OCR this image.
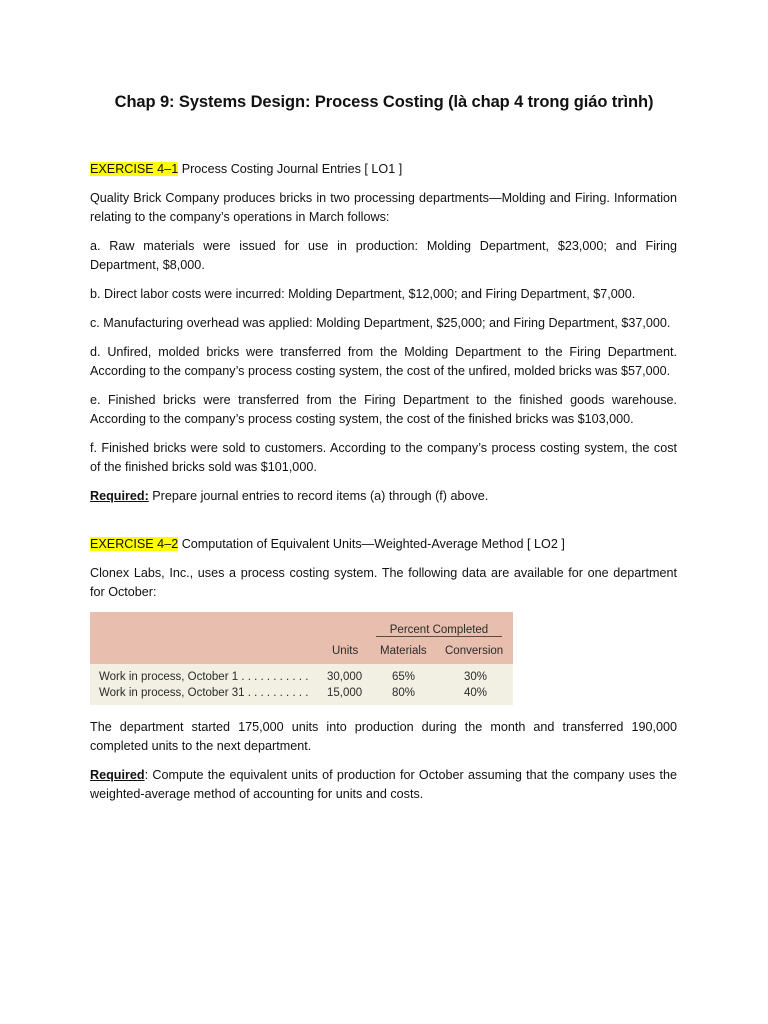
Chap 9: Systems Design: Process Costing (là chap 4 trong giáo trình)

EXERCISE 4–1 Process Costing Journal Entries [ LO1 ]

Quality Brick Company produces bricks in two processing departments—Molding and Firing. Information relating to the company’s operations in March follows:

a. Raw materials were issued for use in production: Molding Department, $23,000; and Firing Department, $8,000.

b. Direct labor costs were incurred: Molding Department, $12,000; and Firing Department, $7,000.

c. Manufacturing overhead was applied: Molding Department, $25,000; and Firing Department, $37,000.

d. Unfired, molded bricks were transferred from the Molding Department to the Firing Department. According to the company’s process costing system, the cost of the unfired, molded bricks was $57,000.

e. Finished bricks were transferred from the Firing Department to the finished goods warehouse. According to the company’s process costing system, the cost of the finished bricks was $103,000.

f. Finished bricks were sold to customers. According to the company’s process costing system, the cost of the finished bricks sold was $101,000.

Required: Prepare journal entries to record items (a) through (f) above.

EXERCISE 4–2 Computation of Equivalent Units—Weighted-Average Method [ LO2 ]

Clonex Labs, Inc., uses a process costing system. The following data are available for one department for October:

Percent Completed
Units Materials Conversion
Work in process, October 1 . . . . . . . . . . . 30,000	65%	30%
Work in process, October 31 . . . . . . . . . . 15,000	80%	40%

The department started 175,000 units into production during the month and transferred 190,000 completed units to the next department.

Required: Compute the equivalent units of production for October assuming that the company uses the weighted-average method of accounting for units and costs.
